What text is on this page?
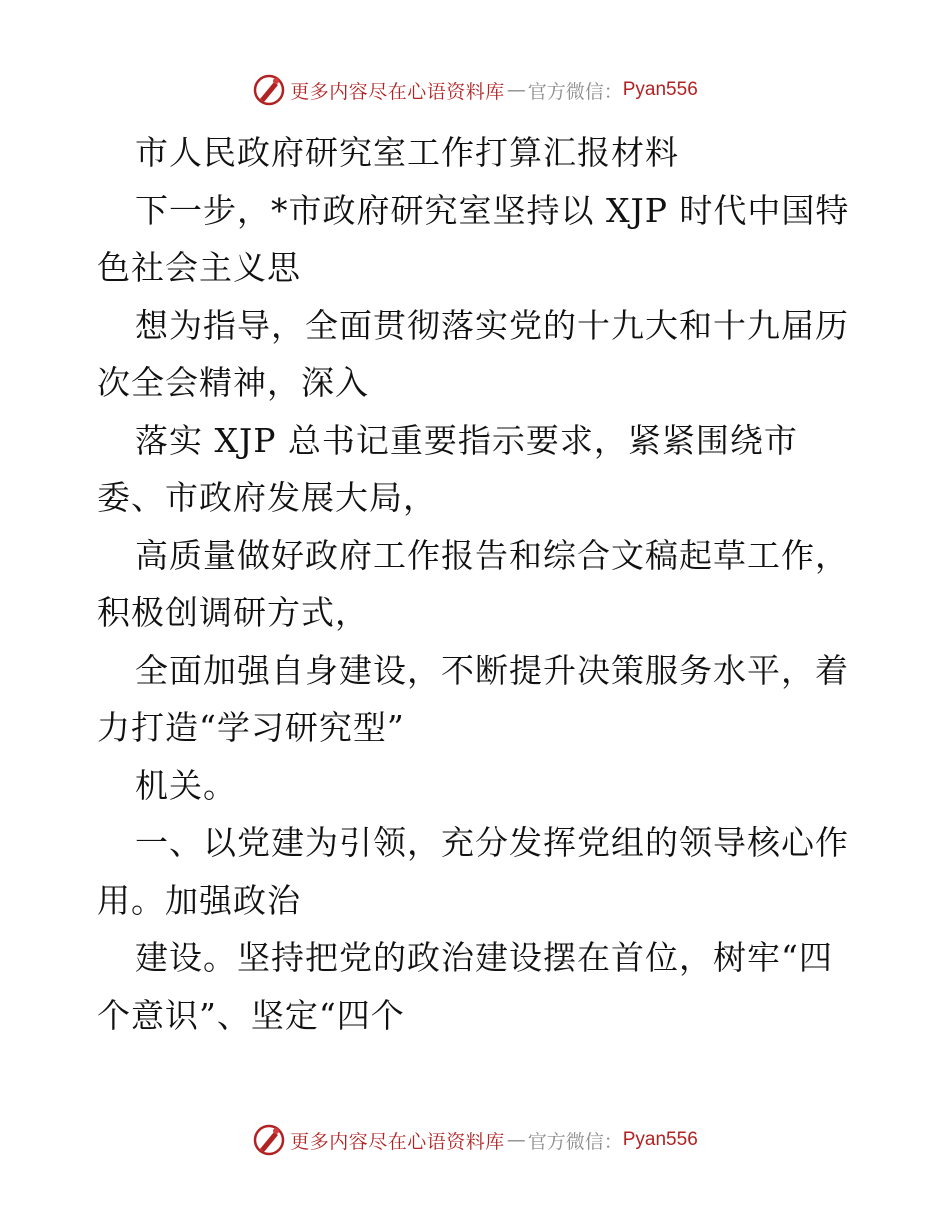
更多内容尽在心语资料库 — 官方微信： Pyan556
市人民政府研究室工作打算汇报材料
下一步，*市政府研究室坚持以 XJP 时代中国特
色社会主义思
想为指导，全面贯彻落实党的十九大和十九届历
次全会精神，深入
落实 XJP 总书记重要指示要求，紧紧围绕市
委、市政府发展大局，
高质量做好政府工作报告和综合文稿起草工作，
积极创调研方式，
全面加强自身建设，不断提升决策服务水平，着
力打造“学习研究型”
机关。
一、以党建为引领，充分发挥党组的领导核心作
用。加强政治
建设。坚持把党的政治建设摆在首位，树牢“四
个意识”、坚定“四个
更多内容尽在心语资料库 — 官方微信： Pyan556
